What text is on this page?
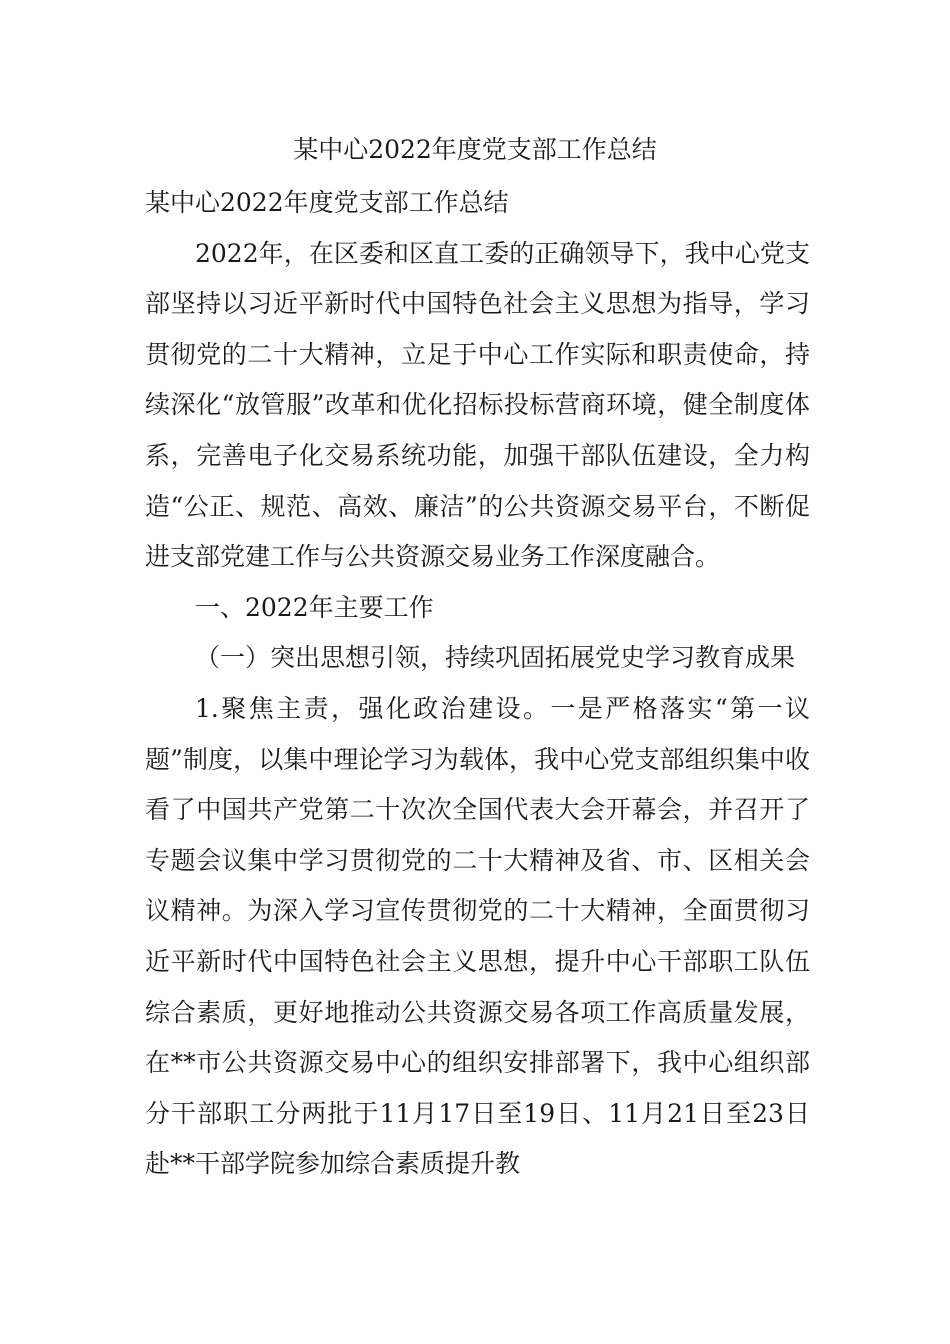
某中心2022年度党支部工作总结

某中心2022年度党支部工作总结

2022年，在区委和区直工委的正确领导下，我中心党支部坚持以习近平新时代中国特色社会主义思想为指导，学习贯彻党的二十大精神，立足于中心工作实际和职责使命，持续深化“放管服”改革和优化招标投标营商环境，健全制度体系，完善电子化交易系统功能，加强干部队伍建设，全力构造“公正、规范、高效、廉洁”的公共资源交易平台，不断促进支部党建工作与公共资源交易业务工作深度融合。

一、2022年主要工作

（一）突出思想引领，持续巩固拓展党史学习教育成果

1.聚焦主责，强化政治建设。一是严格落实“第一议题”制度，以集中理论学习为载体，我中心党支部组织集中收看了中国共产党第二十次次全国代表大会开幕会，并召开了专题会议集中学习贯彻党的二十大精神及省、市、区相关会议精神。为深入学习宣传贯彻党的二十大精神，全面贯彻习近平新时代中国特色社会主义思想，提升中心干部职工队伍综合素质，更好地推动公共资源交易各项工作高质量发展，在**市公共资源交易中心的组织安排部署下，我中心组织部分干部职工分两批于11月17日至19日、11月21日至23日赴**干部学院参加综合素质提升教
